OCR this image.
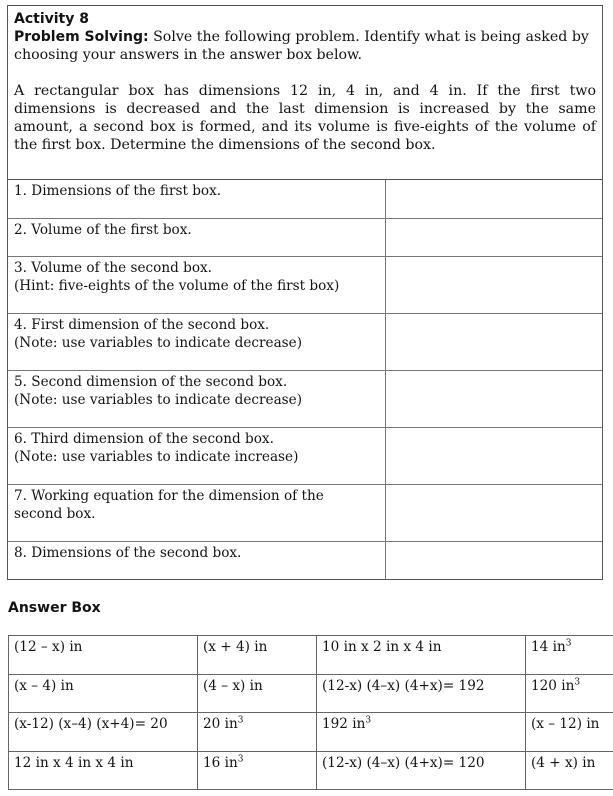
Activity 8

Problem Solving: Solve the following problem. Identify what is being asked by choosing your answers in the answer box below.

A rectangular box has dimensions 12 in, 4 in, and 4 in. If the first two dimensions is decreased and the last dimension is increased by the same amount, a second box is formed, and its volume is five-eights of the volume of the first box. Determine the dimensions of the second box.

1. Dimensions of the first box.	

2. Volume of the first box.	

3. Volume of the second box.
(Hint: five-eights of the volume of the first box)	

4. First dimension of the second box.
(Note: use variables to indicate decrease)	

5. Second dimension of the second box.
(Note: use variables to indicate decrease)	

6. Third dimension of the second box.
(Note: use variables to indicate increase)	

7. Working equation for the dimension of the
second box.	

8. Dimensions of the second box.	

Answer Box
(12 – x) in	(x + 4) in	10 in x 2 in x 4 in	14 $in^3$
(x – 4) in	(4 – x) in	(12-x) (4–x) (4+x)= 192	120 $in^3$
(x-12) (x–4) (x+4)= 20	20 $in^3$	192 $in^3$	(x – 12) in
12 in x 4 in x 4 in	16 $in^3$	(12-x) (4–x) (4+x)= 120	(4 + x) in
